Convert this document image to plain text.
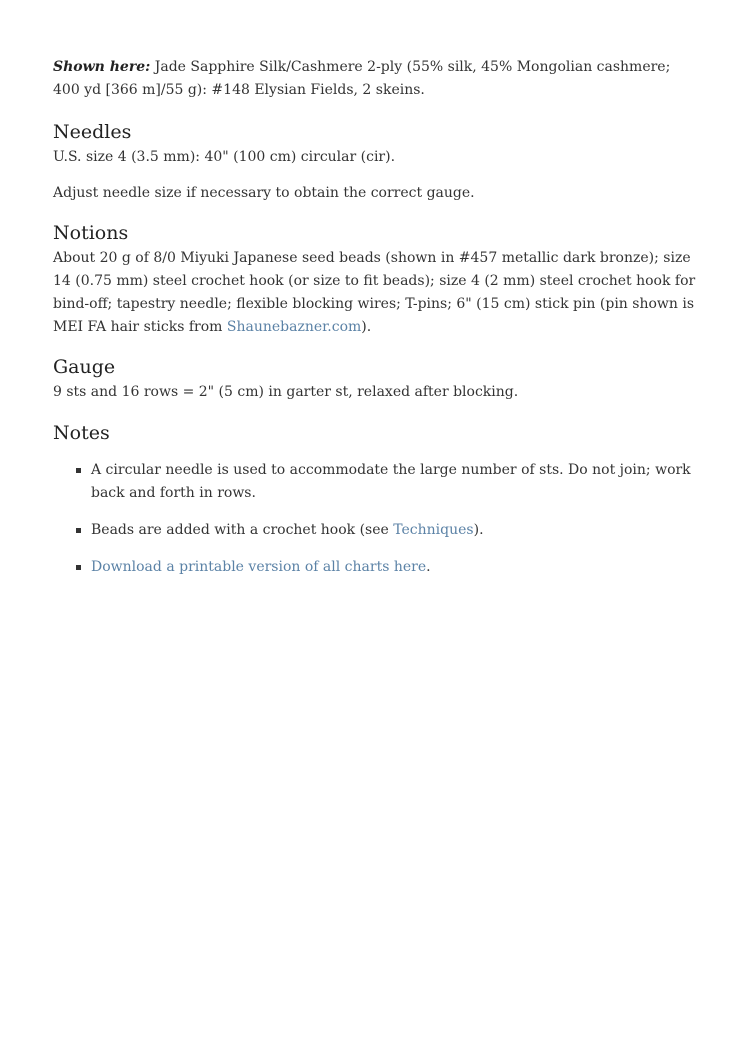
Shown here: Jade Sapphire Silk/Cashmere 2-ply (55% silk, 45% Mongolian cashmere; 400 yd [366 m]/55 g): #148 Elysian Fields, 2 skeins.

Needles

U.S. size 4 (3.5 mm): 40" (100 cm) circular (cir).

Adjust needle size if necessary to obtain the correct gauge.

Notions

About 20 g of 8/0 Miyuki Japanese seed beads (shown in #457 metallic dark bronze); size 14 (0.75 mm) steel crochet hook (or size to fit beads); size 4 (2 mm) steel crochet hook for bind-off; tapestry needle; flexible blocking wires; T-pins; 6" (15 cm) stick pin (pin shown is MEI FA hair sticks from Shaunebazner.com).

Gauge

9 sts and 16 rows = 2" (5 cm) in garter st, relaxed after blocking.

Notes
A circular needle is used to accommodate the large number of sts. Do not join; work back and forth in rows.
Beads are added with a crochet hook (see Techniques).
Download a printable version of all charts here.
